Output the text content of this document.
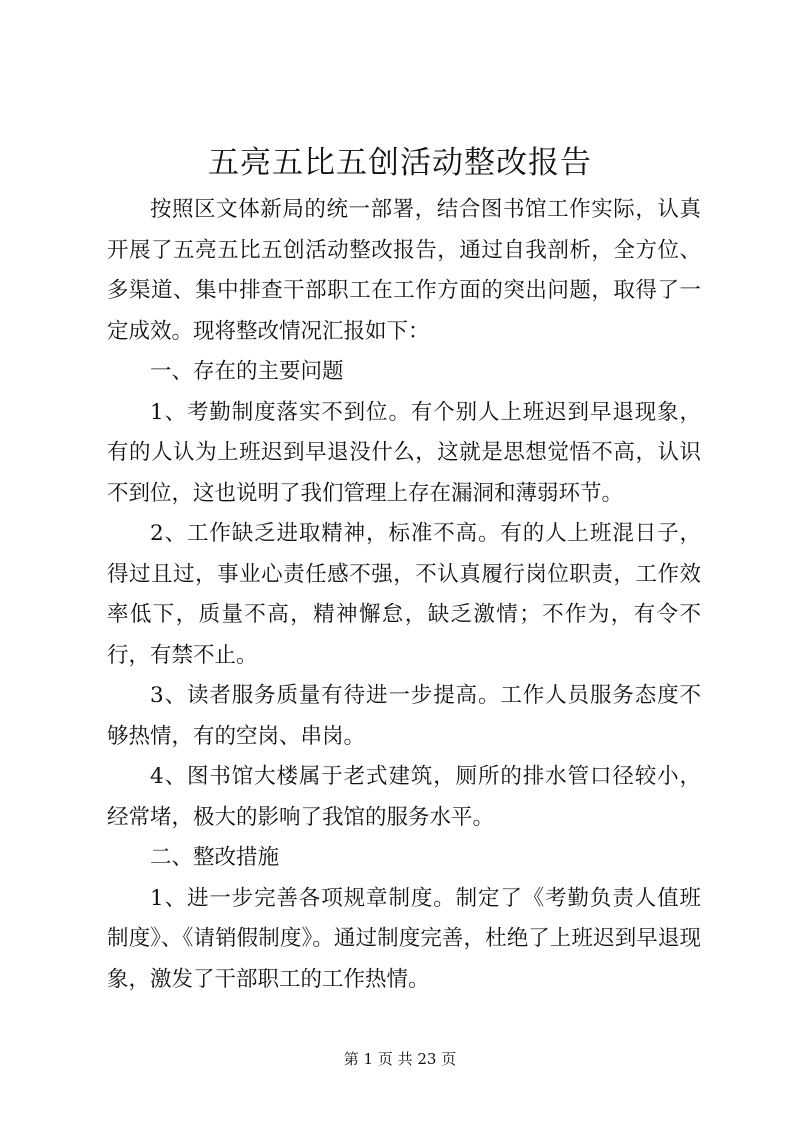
五亮五比五创活动整改报告

按照区文体新局的统一部署，结合图书馆工作实际，认真开展了五亮五比五创活动整改报告，通过自我剖析，全方位、多渠道、集中排查干部职工在工作方面的突出问题，取得了一定成效。现将整改情况汇报如下：

一、存在的主要问题

1、考勤制度落实不到位。有个别人上班迟到早退现象，有的人认为上班迟到早退没什么，这就是思想觉悟不高，认识不到位，这也说明了我们管理上存在漏洞和薄弱环节。

2、工作缺乏进取精神，标准不高。有的人上班混日子，得过且过，事业心责任感不强，不认真履行岗位职责，工作效率低下，质量不高，精神懈怠，缺乏激情；不作为，有令不行，有禁不止。

3、读者服务质量有待进一步提高。工作人员服务态度不够热情，有的空岗、串岗。

4、图书馆大楼属于老式建筑，厕所的排水管口径较小，经常堵，极大的影响了我馆的服务水平。

二、整改措施

1、进一步完善各项规章制度。制定了《考勤负责人值班制度》、《请销假制度》。通过制度完善，杜绝了上班迟到早退现象，激发了干部职工的工作热情。

第 1 页 共 23 页
